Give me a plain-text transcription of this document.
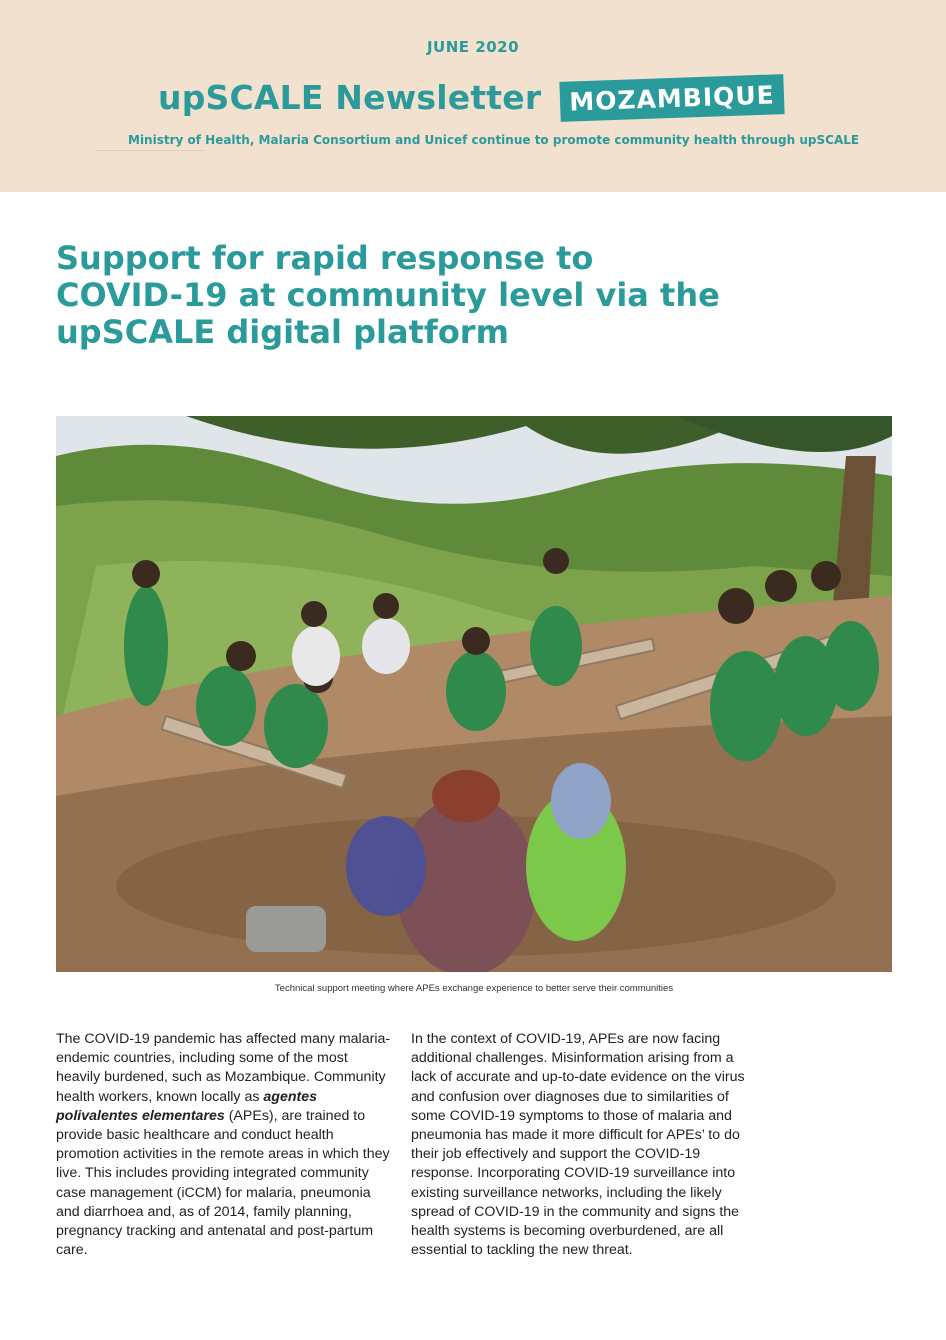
JUNE 2020
upSCALE Newsletter	MOZAMBIQUE
Ministry of Health, Malaria Consortium and Unicef continue to promote community health through upSCALE
Support for rapid response to
COVID-19 at community level via the
upSCALE digital platform
Technical support meeting where APEs exchange experience to better serve their communities

The COVID-19 pandemic has affected many malaria-endemic countries, including some of the most heavily burdened, such as Mozambique. Community health workers, known locally as agentes polivalentes elementares (APEs), are trained to provide basic healthcare and conduct health promotion activities in the remote areas in which they live. This includes providing integrated community case management (iCCM) for malaria, pneumonia and diarrhoea and, as of 2014, family planning, pregnancy tracking and antenatal and post-partum care.

In the context of COVID-19, APEs are now facing additional challenges. Misinformation arising from a lack of accurate and up-to-date evidence on the virus and confusion over diagnoses due to similarities of some COVID-19 symptoms to those of malaria and pneumonia has made it more difficult for APEs’ to do their job effectively and support the COVID-19 response. Incorporating COVID-19 surveillance into existing surveillance networks, including the likely spread of COVID-19 in the community and signs the health systems is becoming overburdened, are all essential to tackling the new threat.
